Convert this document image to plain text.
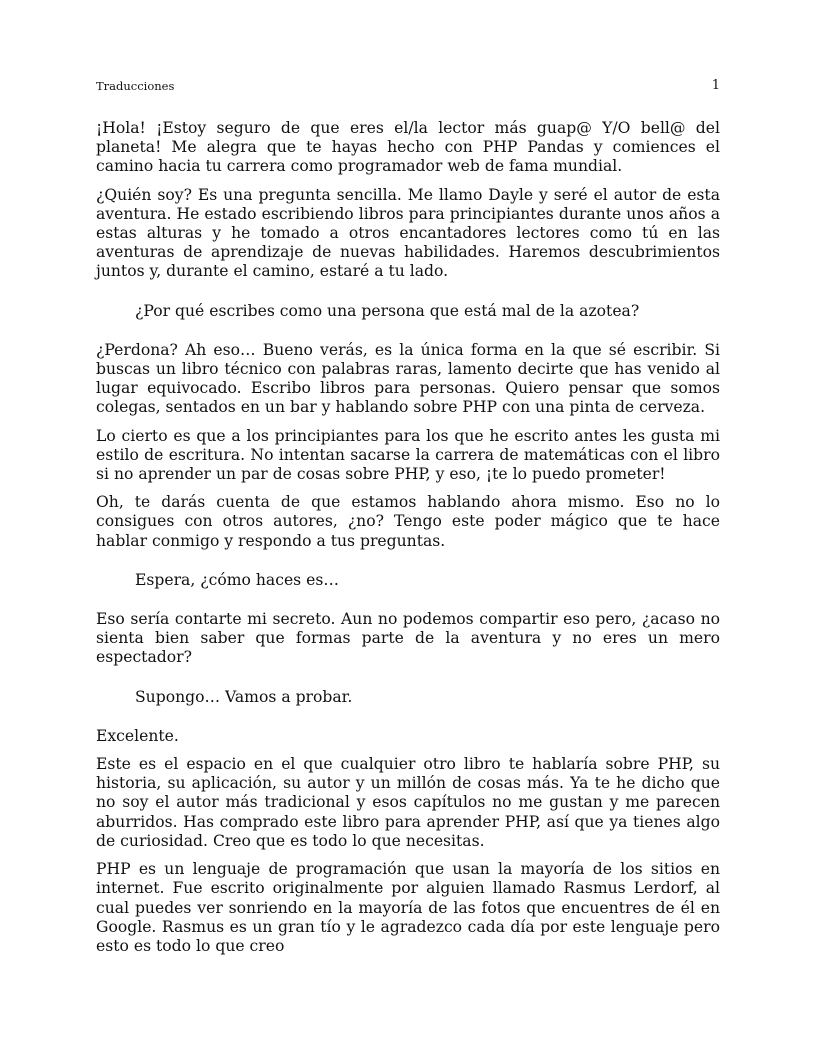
Traducciones	1

¡Hola! ¡Estoy seguro de que eres el/la lector más guap@ Y/O bell@ del planeta! Me alegra que te hayas hecho con PHP Pandas y comiences el camino hacia tu carrera como programador web de fama mundial.

¿Quién soy? Es una pregunta sencilla. Me llamo Dayle y seré el autor de esta aventura. He estado escribiendo libros para principiantes durante unos años a estas alturas y he tomado a otros encantadores lectores como tú en las aventuras de aprendizaje de nuevas habilidades. Haremos descubrimientos juntos y, durante el camino, estaré a tu lado.

¿Por qué escribes como una persona que está mal de la azotea?

¿Perdona? Ah eso… Bueno verás, es la única forma en la que sé escribir. Si buscas un libro técnico con palabras raras, lamento decirte que has venido al lugar equivocado. Escribo libros para personas. Quiero pensar que somos colegas, sentados en un bar y hablando sobre PHP con una pinta de cerveza.

Lo cierto es que a los principiantes para los que he escrito antes les gusta mi estilo de escritura. No intentan sacarse la carrera de matemáticas con el libro si no aprender un par de cosas sobre PHP, y eso, ¡te lo puedo prometer!

Oh, te darás cuenta de que estamos hablando ahora mismo. Eso no lo consigues con otros autores, ¿no? Tengo este poder mágico que te hace hablar conmigo y respondo a tus preguntas.

Espera, ¿cómo haces es…

Eso sería contarte mi secreto. Aun no podemos compartir eso pero, ¿acaso no sienta bien saber que formas parte de la aventura y no eres un mero espectador?

Supongo… Vamos a probar.

Excelente.

Este es el espacio en el que cualquier otro libro te hablaría sobre PHP, su historia, su aplicación, su autor y un millón de cosas más. Ya te he dicho que no soy el autor más tradicional y esos capítulos no me gustan y me parecen aburridos. Has comprado este libro para aprender PHP, así que ya tienes algo de curiosidad. Creo que es todo lo que necesitas.

PHP es un lenguaje de programación que usan la mayoría de los sitios en internet. Fue escrito originalmente por alguien llamado Rasmus Lerdorf, al cual puedes ver sonriendo en la mayoría de las fotos que encuentres de él en Google. Rasmus es un gran tío y le agradezco cada día por este lenguaje pero esto es todo lo que creo
